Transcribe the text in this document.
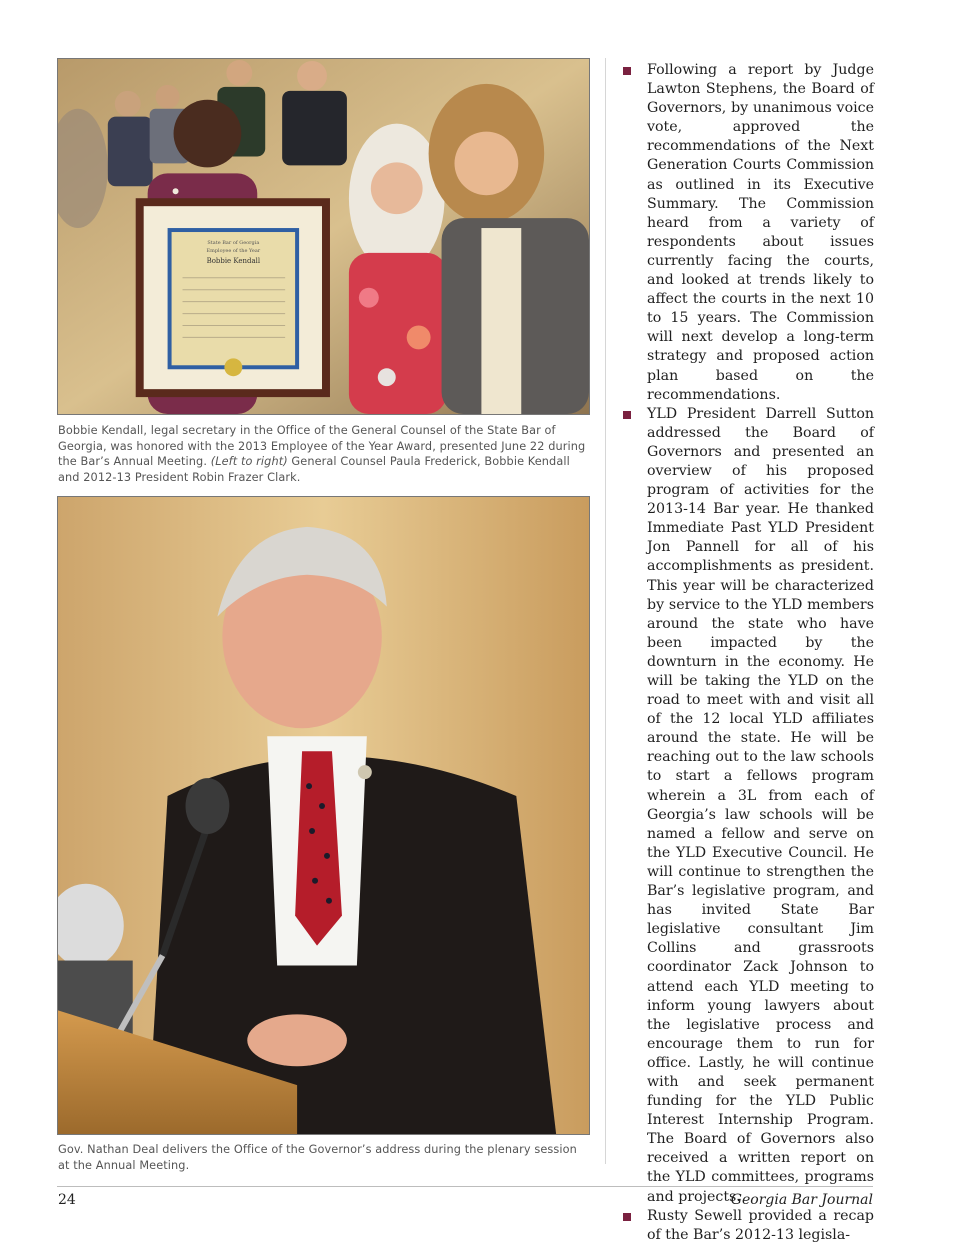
State Bar of Georgia
Employee of the Year
Bobbie Kendall
Bobbie Kendall, legal secretary in the Office of the General Counsel of the State Bar of Georgia, was honored with the 2013 Employee of the Year Award, presented June 22 during the Bar’s Annual Meeting. (Left to right) General Counsel Paula Frederick, Bobbie Kendall and 2012-13 President Robin Frazer Clark.
Gov. Nathan Deal delivers the Office of the Governor’s address during the plenary session at the Annual Meeting.
Following a report by Judge Lawton Stephens, the Board of Governors, by unanimous voice vote, approved the recommendations of the Next Generation Courts Commission as outlined in its Executive Summary. The Commission heard from a variety of respondents about issues currently facing the courts, and looked at trends likely to affect the courts in the next 10 to 15 years. The Commission will next develop a long-term strategy and proposed action plan based on the recommendations.
YLD President Darrell Sutton addressed the Board of Governors and presented an overview of his proposed program of activities for the 2013-14 Bar year. He thanked Immediate Past YLD President Jon Pannell for all of his accomplishments as president. This year will be characterized by service to the YLD members around the state who have been impacted by the downturn in the economy. He will be taking the YLD on the road to meet with and visit all of the 12 local YLD affiliates around the state. He will be reaching out to the law schools to start a fellows program wherein a 3L from each of Georgia’s law schools will be named a fellow and serve on the YLD Executive Council. He will continue to strengthen the Bar’s legislative program, and has invited State Bar legislative consultant Jim Collins and grassroots coordinator Zack Johnson to attend each YLD meeting to inform young lawyers about the legislative process and encourage them to run for office. Lastly, he will continue with and seek permanent funding for the YLD Public Interest Internship Program. The Board of Governors also received a written report on the YLD committees, programs and projects.
Rusty Sewell provided a recap of the Bar’s 2012-13 legisla-
24	Georgia Bar Journal
